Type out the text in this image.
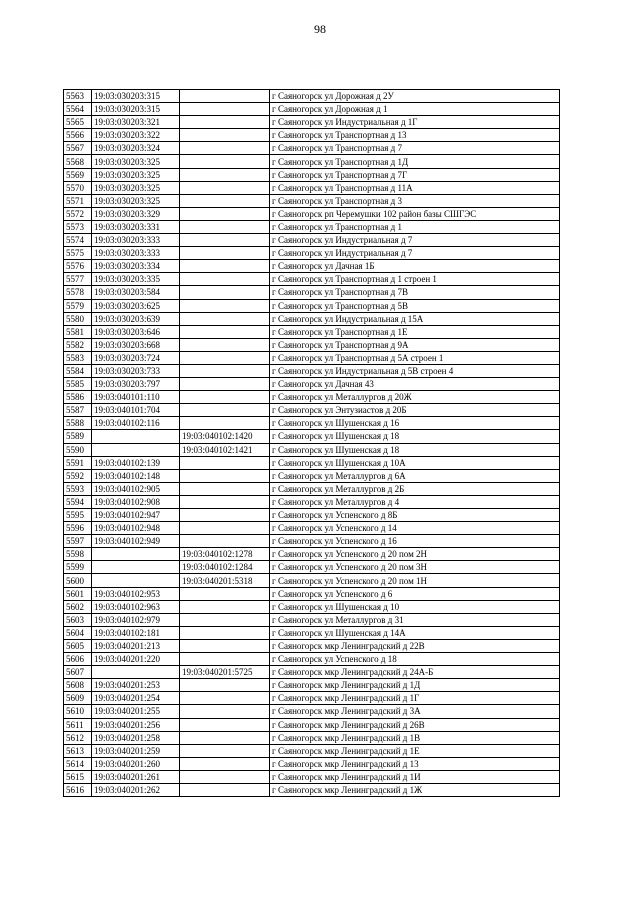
98
5563	19:03:030203:315		г Саяногорск ул Дорожная д 2У
5564	19:03:030203:315		г Саяногорск ул Дорожная д 1
5565	19:03:030203:321		г Саяногорск ул Индустриальная д 1Г
5566	19:03:030203:322		г Саяногорск ул Транспортная д 13
5567	19:03:030203:324		г Саяногорск ул Транспортная д 7
5568	19:03:030203:325		г Саяногорск ул Транспортная д 1Д
5569	19:03:030203:325		г Саяногорск ул Транспортная д 7Г
5570	19:03:030203:325		г Саяногорск ул Транспортная д 11А
5571	19:03:030203:325		г Саяногорск ул Транспортная д 3
5572	19:03:030203:329		г Саяногорск рп Черемушки 102 район базы СШГЭС
5573	19:03:030203:331		г Саяногорск ул Транспортная д 1
5574	19:03:030203:333		г Саяногорск ул Индустриальная д 7
5575	19:03:030203:333		г Саяногорск ул Индустриальная д 7
5576	19:03:030203:334		г Саяногорск ул Дачная 1Б
5577	19:03:030203:335		г Саяногорск ул Транспортная д 1 строен 1
5578	19:03:030203:584		г Саяногорск ул Транспортная д 7В
5579	19:03:030203:625		г Саяногорск ул Транспортная д 5В
5580	19:03:030203:639		г Саяногорск ул Индустриальная д 15А
5581	19:03:030203:646		г Саяногорск ул Транспортная д 1Е
5582	19:03:030203:668		г Саяногорск ул Транспортная д 9А
5583	19:03:030203:724		г Саяногорск ул Транспортная д 5А строен 1
5584	19:03:030203:733		г Саяногорск ул Индустриальная д 5В строен 4
5585	19:03:030203:797		г Саяногорск ул Дачная 43
5586	19:03:040101:110		г Саяногорск ул Металлургов д 20Ж
5587	19:03:040101:704		г Саяногорск ул Энтузиастов д 20Б
5588	19:03:040102:116		г Саяногорск ул Шушенская д 16
5589		19:03:040102:1420	г Саяногорск ул Шушенская д 18
5590		19:03:040102:1421	г Саяногорск ул Шушенская д 18
5591	19:03:040102:139		г Саяногорск ул Шушенская д 10А
5592	19:03:040102:148		г Саяногорск ул Металлургов д 6А
5593	19:03:040102:905		г Саяногорск ул Металлургов д 2Б
5594	19:03:040102:908		г Саяногорск ул Металлургов д 4
5595	19:03:040102:947		г Саяногорск ул Успенского д 8Б
5596	19:03:040102:948		г Саяногорск ул Успенского д 14
5597	19:03:040102:949		г Саяногорск ул Успенского д 16
5598		19:03:040102:1278	г Саяногорск ул Успенского д 20 пом 2Н
5599		19:03:040102:1284	г Саяногорск ул Успенского д 20 пом 3Н
5600		19:03:040201:5318	г Саяногорск ул Успенского д 20 пом 1Н
5601	19:03:040102:953		г Саяногорск ул Успенского д 6
5602	19:03:040102:963		г Саяногорск ул Шушенская д 10
5603	19:03:040102:979		г Саяногорск ул Металлургов д 31
5604	19:03:040102:181		г Саяногорск ул Шушенская д 14А
5605	19:03:040201:213		г Саяногорск мкр Ленинградский д 22В
5606	19:03:040201:220		г Саяногорск ул Успенского д 18
5607		19:03:040201:5725	г Саяногорск мкр Ленинградский д 24А-Б
5608	19:03:040201:253		г Саяногорск мкр Ленинградский д 1Д
5609	19:03:040201:254		г Саяногорск мкр Ленинградский д 1Г
5610	19:03:040201:255		г Саяногорск мкр Ленинградский д 3А
5611	19:03:040201:256		г Саяногорск мкр Ленинградский д 26В
5612	19:03:040201:258		г Саяногорск мкр Ленинградский д 1В
5613	19:03:040201:259		г Саяногорск мкр Ленинградский д 1Е
5614	19:03:040201:260		г Саяногорск мкр Ленинградский д 13
5615	19:03:040201:261		г Саяногорск мкр Ленинградский д 1И
5616	19:03:040201:262		г Саяногорск мкр Ленинградский д 1Ж
